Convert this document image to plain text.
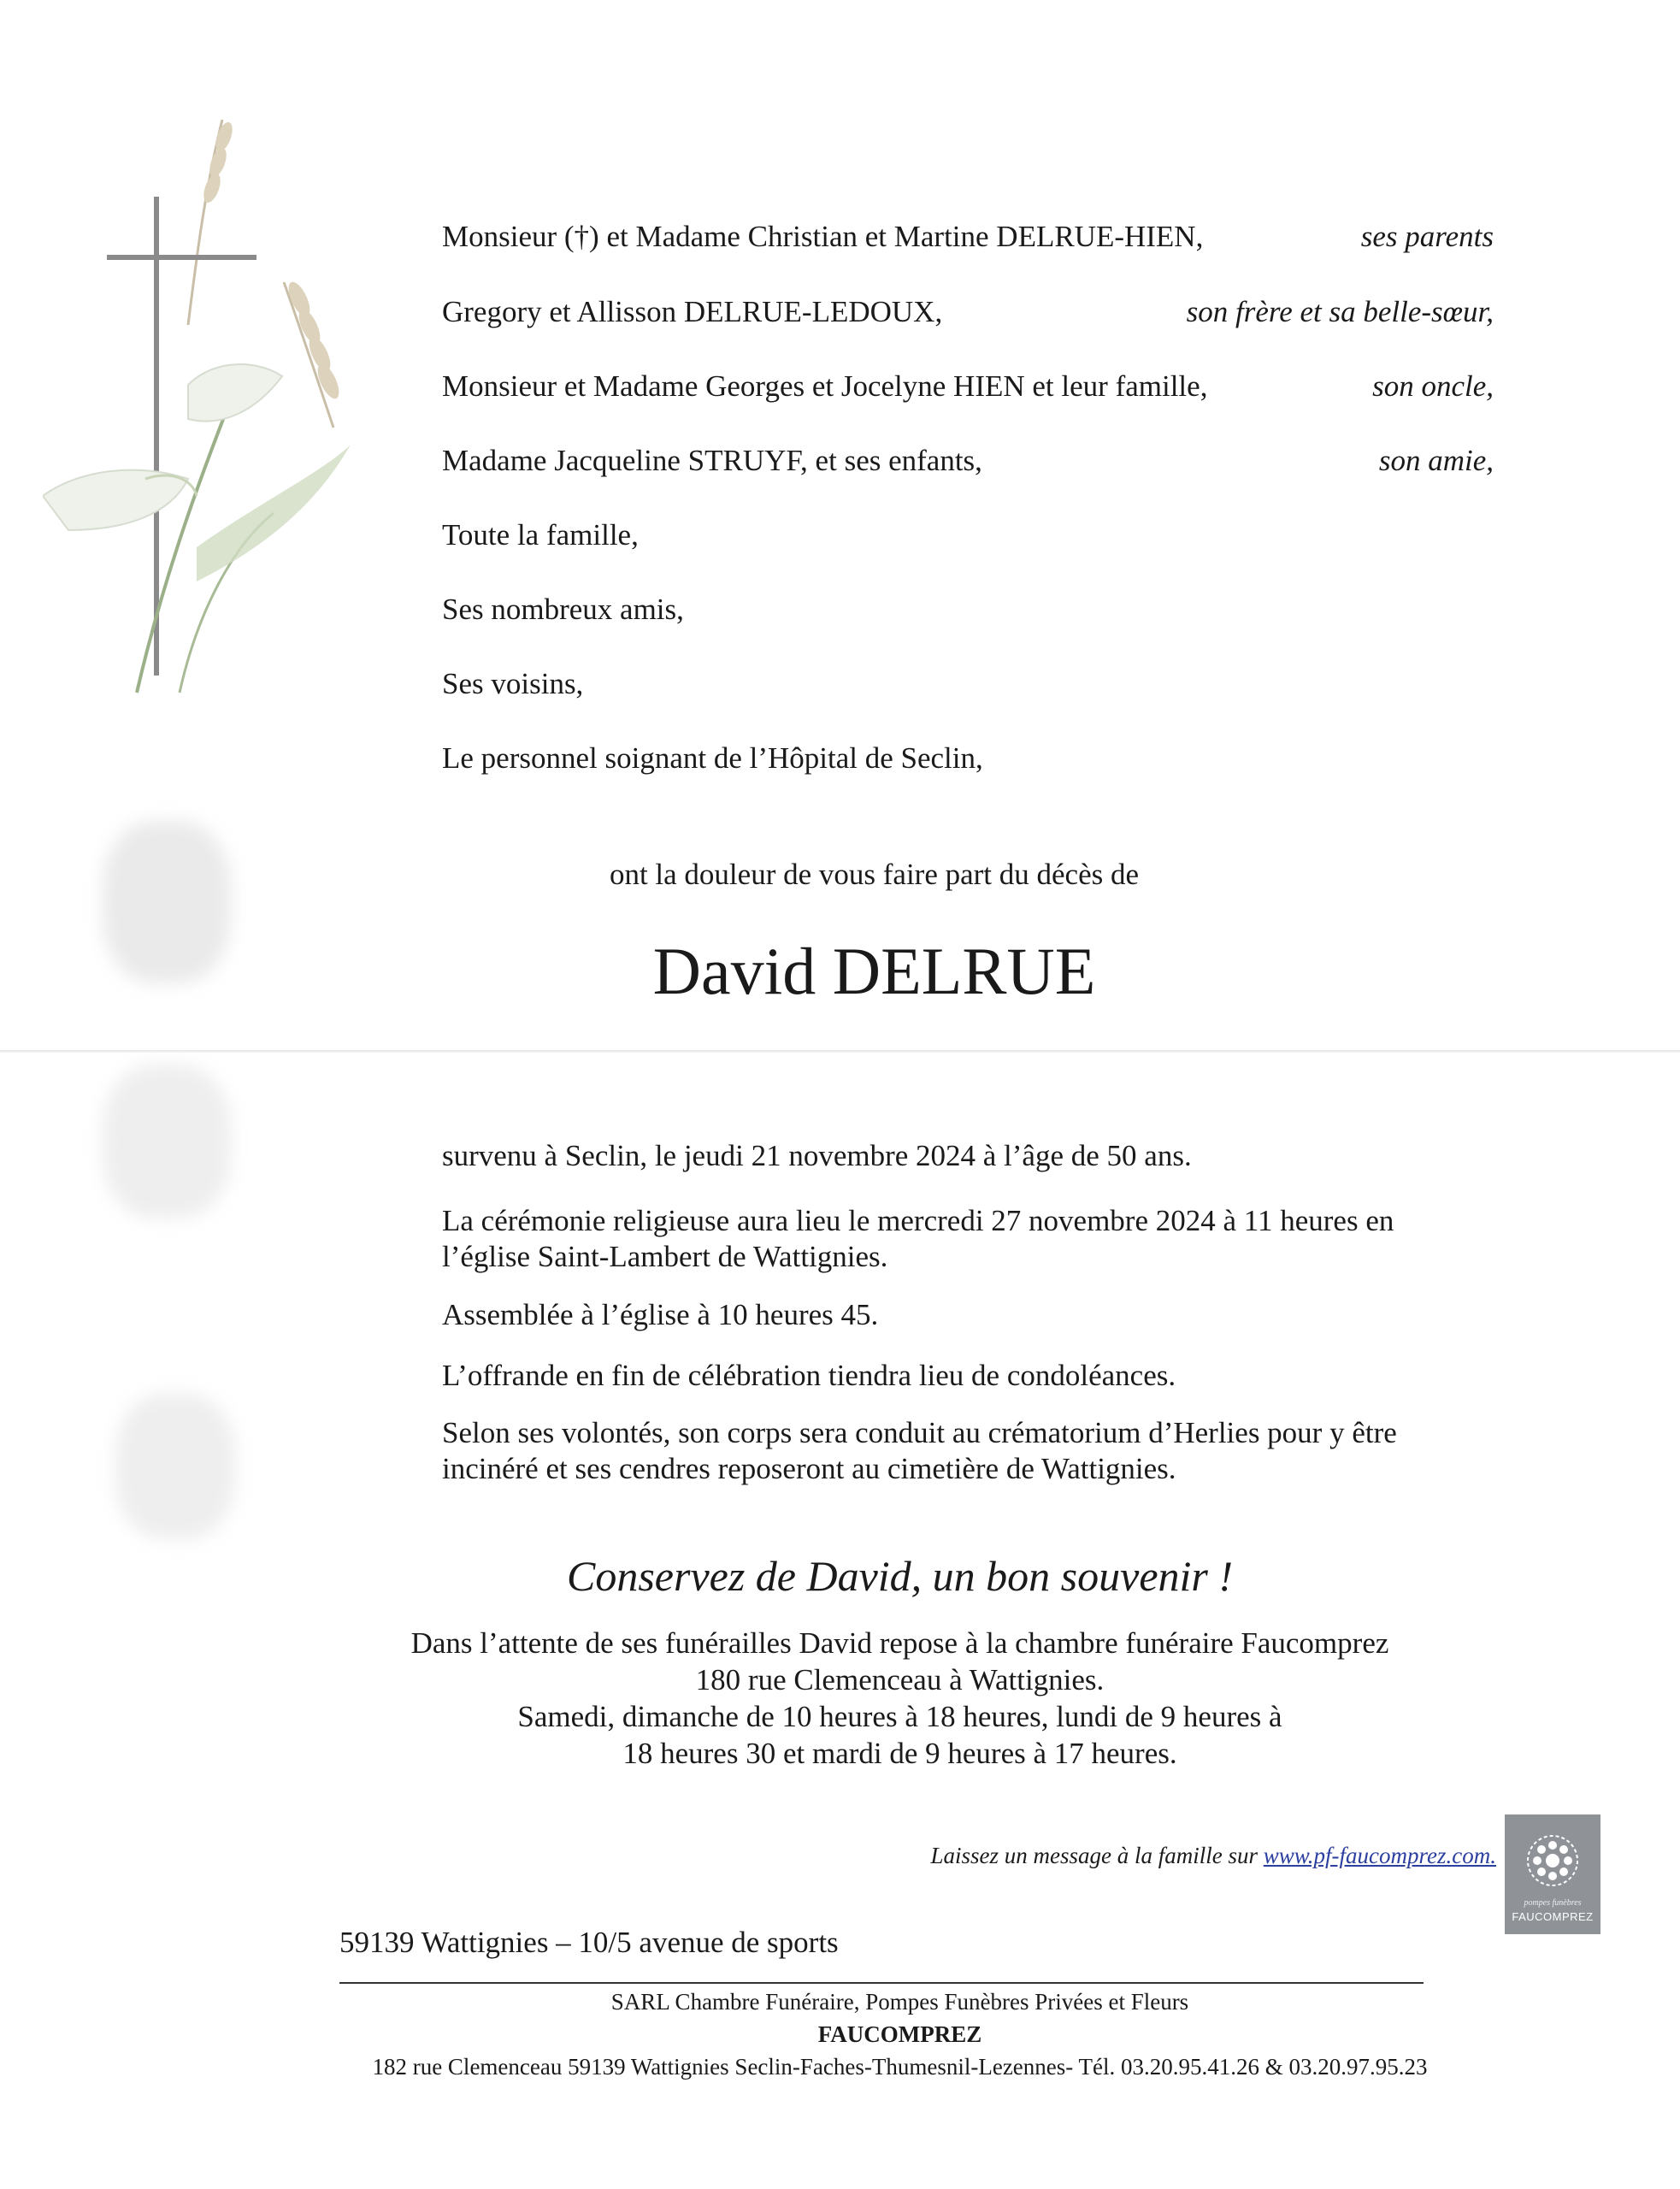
Monsieur (†) et Madame Christian et Martine DELRUE-HIEN,	ses parents
Gregory et Allisson DELRUE-LEDOUX,	son frère et sa belle-sœur,
Monsieur et Madame Georges et Jocelyne HIEN et leur famille,	son oncle,
Madame Jacqueline STRUYF, et ses enfants,	son amie,
Toute la famille,
Ses nombreux amis,
Ses voisins,
Le personnel soignant de l’Hôpital de Seclin,
ont la douleur de vous faire part du décès de
David DELRUE
survenu à Seclin, le jeudi 21 novembre 2024 à l’âge de 50 ans.
La cérémonie religieuse aura lieu le mercredi 27 novembre 2024 à 11 heures en
l’église Saint-Lambert de Wattignies.
Assemblée à l’église à 10 heures 45.
L’offrande en fin de célébration tiendra lieu de condoléances.
Selon ses volontés, son corps sera conduit au crématorium d’Herlies pour y être
incinéré et ses cendres reposeront au cimetière de Wattignies.
Conservez de David, un bon souvenir !
Dans l’attente de ses funérailles David repose à la chambre funéraire Faucomprez
180 rue Clemenceau à Wattignies.
Samedi, dimanche de 10 heures à 18 heures, lundi de 9 heures à
18 heures 30 et mardi de 9 heures à 17 heures.
Laissez un message à la famille sur www.pf-faucomprez.com.
pompes funèbres
FAUCOMPREZ
59139 Wattignies – 10/5 avenue de sports
SARL Chambre Funéraire, Pompes Funèbres Privées et Fleurs
FAUCOMPREZ
182 rue Clemenceau 59139 Wattignies Seclin-Faches-Thumesnil-Lezennes- Tél. 03.20.95.41.26 & 03.20.97.95.23
